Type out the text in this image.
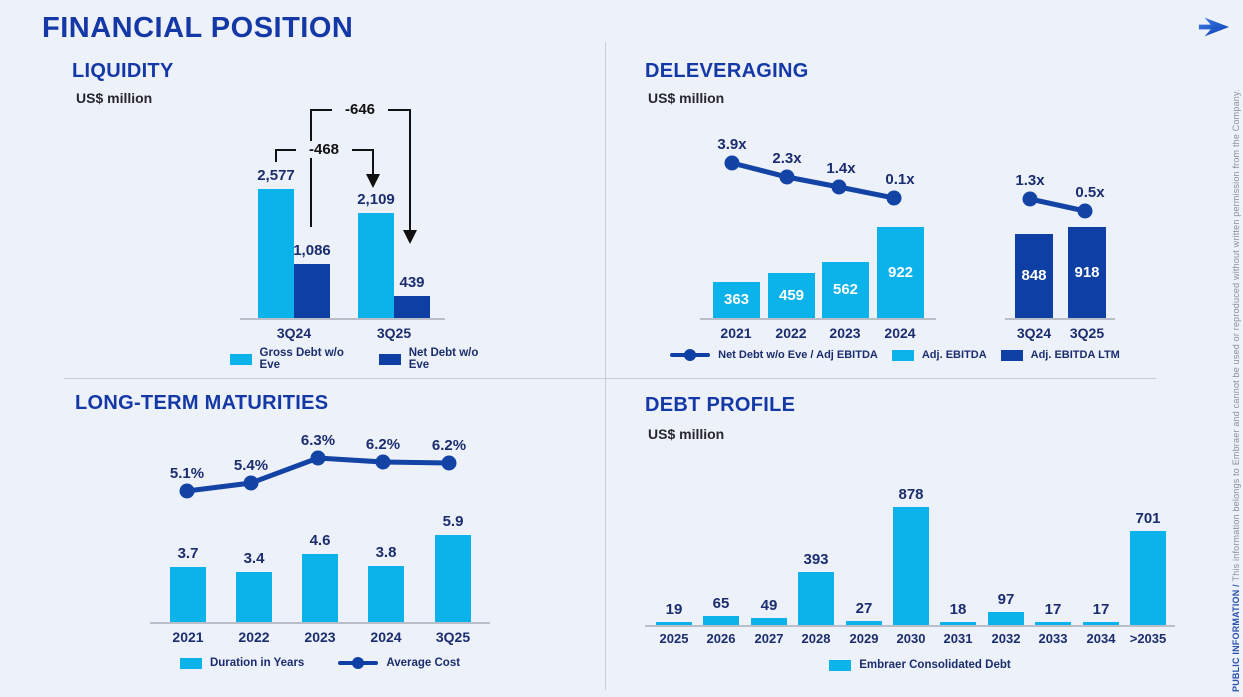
FINANCIAL POSITION
LIQUIDITY
US$ million
2,577
2,109
1,086
439
3Q24	3Q25
-468
-646
Gross Debt w/o Eve
Net Debt w/o Eve
DELEVERAGING
US$ million
363	459	562
922
2021	2022	2023	2024
3.9x
2.3x
1.4x
0.1x
848	918
3Q24	3Q25
1.3x
0.5x
Net Debt w/o Eve / Adj EBITDA	Adj. EBITDA	Adj. EBITDA LTM
LONG-TERM MATURITIES
3.7	3.4
4.6
3.8
5.9
2021	2022	2023	2024	3Q25
5.1%	5.4%
6.3%	6.2%	6.2%
Duration in Years	Average Cost
DEBT PROFILE
US$ million
19	65	49
393
27
878
18
97
17	17
701
2025	2026	2027	2028	2029	2030	2031	2032	2033	2034	>2035
Embraer Consolidated Debt	PUBLIC INFORMATION / This information belongs to Embraer and cannot be used or reproduced without written permission from the Company.
